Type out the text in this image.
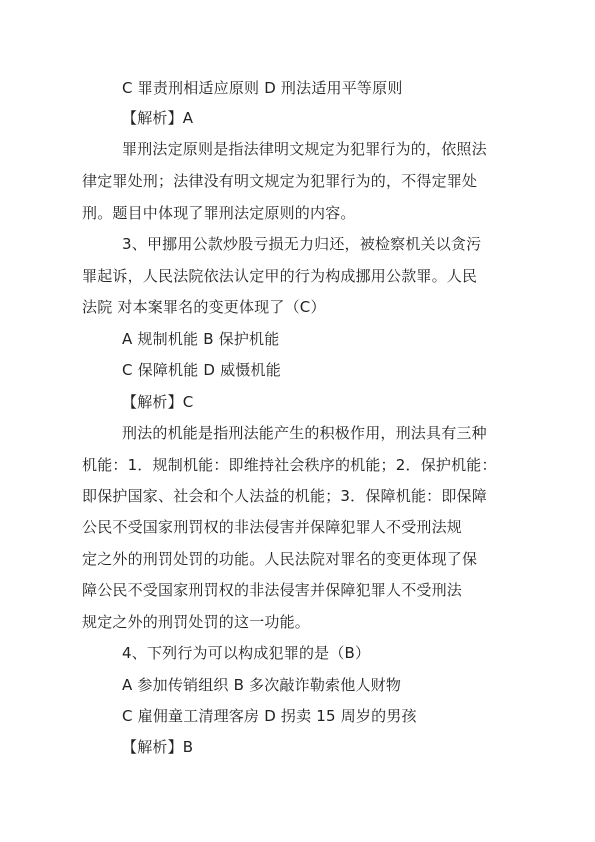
C 罪责刑相适应原则 D 刑法适用平等原则
【解析】A
罪刑法定原则是指法律明文规定为犯罪行为的，依照法
律定罪处刑；法律没有明文规定为犯罪行为的，不得定罪处
刑。题目中体现了罪刑法定原则的内容。
3、甲挪用公款炒股亏损无力归还，被检察机关以贪污
罪起诉，人民法院依法认定甲的行为构成挪用公款罪。人民
法院 对本案罪名的变更体现了（C）
A 规制机能 B 保护机能
C 保障机能 D 威慑机能
【解析】C
刑法的机能是指刑法能产生的积极作用，刑法具有三种
机能：1．规制机能：即维持社会秩序的机能；2．保护机能：
即保护国家、社会和个人法益的机能；3．保障机能：即保障
公民不受国家刑罚权的非法侵害并保障犯罪人不受刑法规
定之外的刑罚处罚的功能。人民法院对罪名的变更体现了保
障公民不受国家刑罚权的非法侵害并保障犯罪人不受刑法
规定之外的刑罚处罚的这一功能。
4、下列行为可以构成犯罪的是（B）
A 参加传销组织 B 多次敲诈勒索他人财物
C 雇佣童工清理客房 D 拐卖 15 周岁的男孩
【解析】B
